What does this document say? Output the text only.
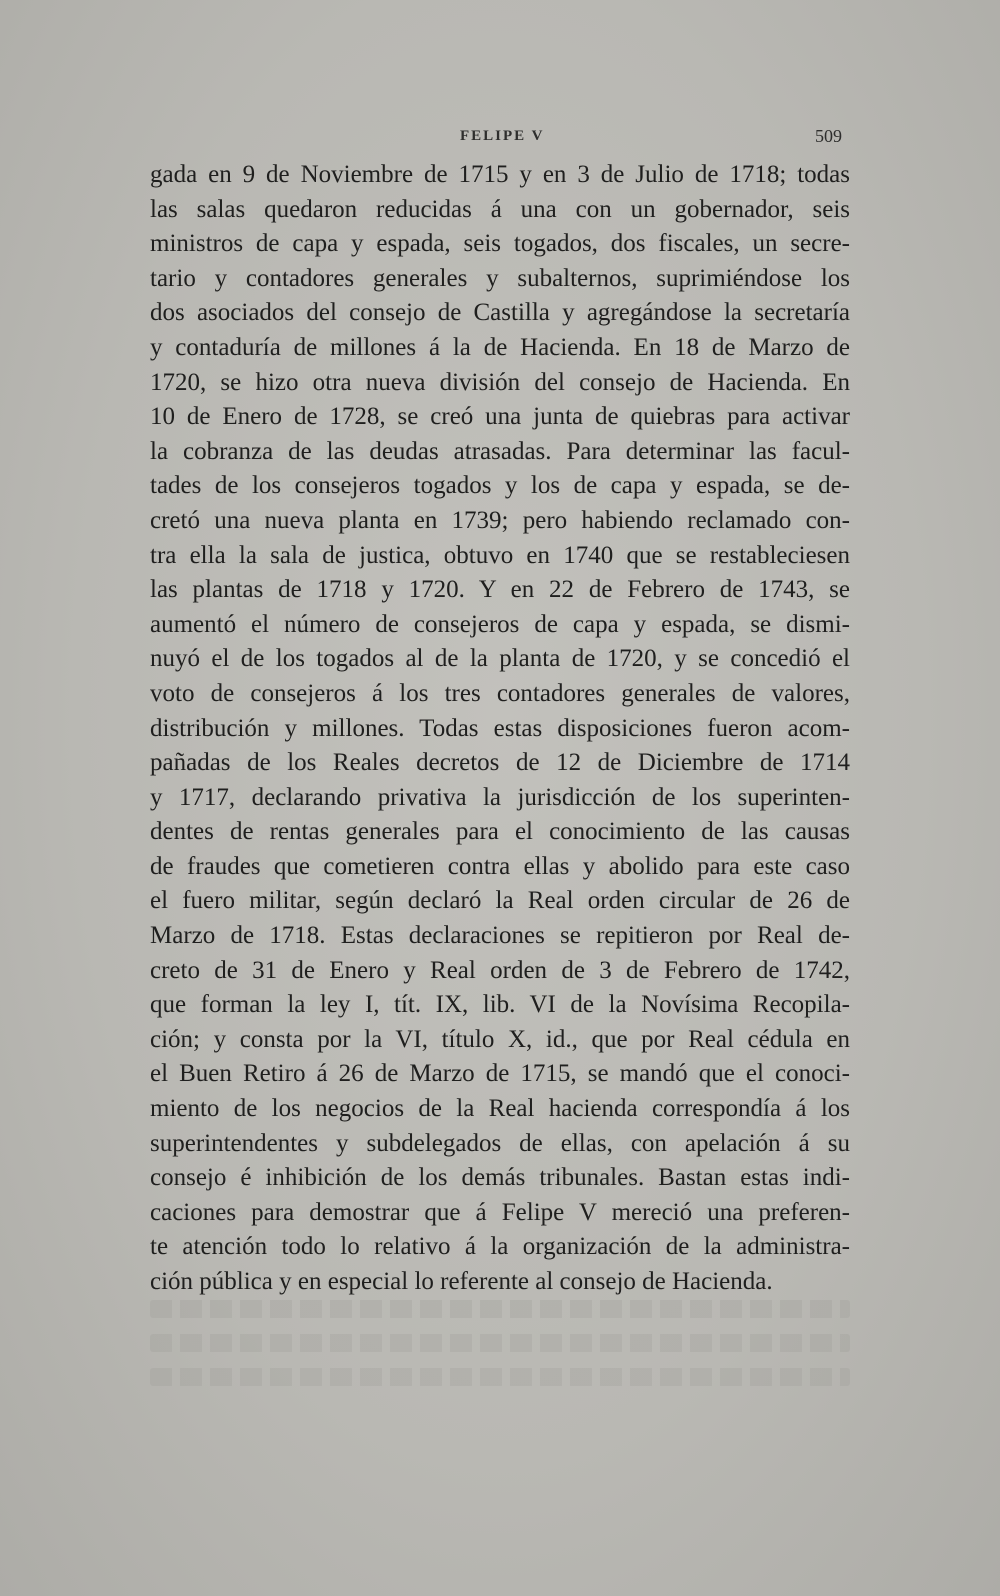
FELIPE V	509
gada en 9 de Noviembre de 1715 y en 3 de Julio de 1718; todas
las salas quedaron reducidas á una con un gobernador, seis
ministros de capa y espada, seis togados, dos fiscales, un secre-
tario y contadores generales y subalternos, suprimiéndose los
dos asociados del consejo de Castilla y agregándose la secretaría
y contaduría de millones á la de Hacienda. En 18 de Marzo de
1720, se hizo otra nueva división del consejo de Hacienda. En
10 de Enero de 1728, se creó una junta de quiebras para activar
la cobranza de las deudas atrasadas. Para determinar las facul-
tades de los consejeros togados y los de capa y espada, se de-
cretó una nueva planta en 1739; pero habiendo reclamado con-
tra ella la sala de justica, obtuvo en 1740 que se restableciesen
las plantas de 1718 y 1720. Y en 22 de Febrero de 1743, se
aumentó el número de consejeros de capa y espada, se dismi-
nuyó el de los togados al de la planta de 1720, y se concedió el
voto de consejeros á los tres contadores generales de valores,
distribución y millones. Todas estas disposiciones fueron acom-
pañadas de los Reales decretos de 12 de Diciembre de 1714
y 1717, declarando privativa la jurisdicción de los superinten-
dentes de rentas generales para el conocimiento de las causas
de fraudes que cometieren contra ellas y abolido para este caso
el fuero militar, según declaró la Real orden circular de 26 de
Marzo de 1718. Estas declaraciones se repitieron por Real de-
creto de 31 de Enero y Real orden de 3 de Febrero de 1742,
que forman la ley I, tít. IX, lib. VI de la Novísima Recopila-
ción; y consta por la VI, título X, id., que por Real cédula en
el Buen Retiro á 26 de Marzo de 1715, se mandó que el conoci-
miento de los negocios de la Real hacienda correspondía á los
superintendentes y subdelegados de ellas, con apelación á su
consejo é inhibición de los demás tribunales. Bastan estas indi-
caciones para demostrar que á Felipe V mereció una preferen-
te atención todo lo relativo á la organización de la administra-
ción pública y en especial lo referente al consejo de Hacienda.
